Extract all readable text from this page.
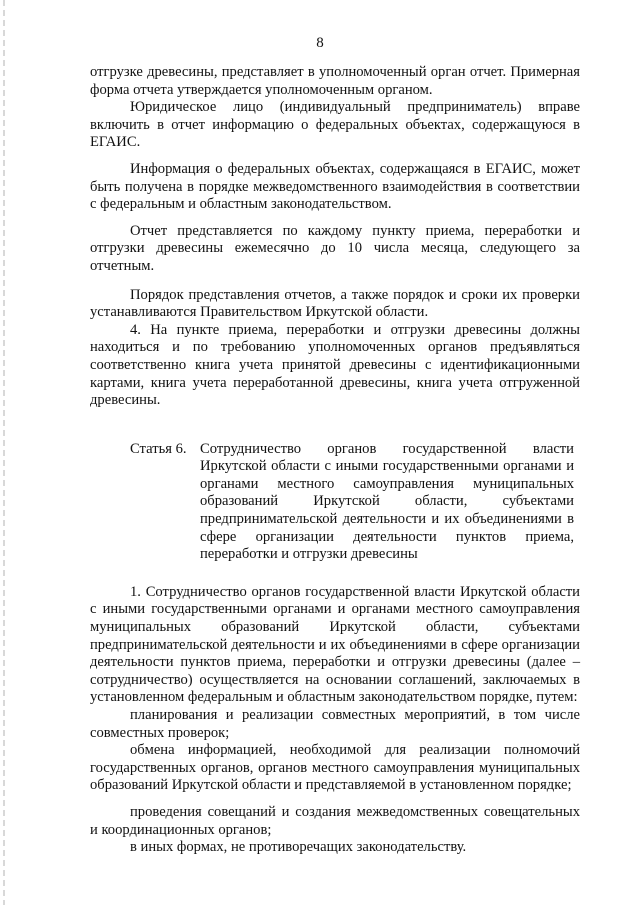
8

отгрузке древесины, представляет в уполномоченный орган отчет. Примерная форма отчета утверждается уполномоченным органом.

Юридическое лицо (индивидуальный предприниматель) вправе включить в отчет информацию о федеральных объектах, содержащуюся в ЕГАИС.

Информация о федеральных объектах, содержащаяся в ЕГАИС, может быть получена в порядке межведомственного взаимодействия в соответствии с федеральным и областным законодательством.

Отчет представляется по каждому пункту приема, переработки и отгрузки древесины ежемесячно до 10 числа месяца, следующего за отчетным.

Порядок представления отчетов, а также порядок и сроки их проверки устанавливаются Правительством Иркутской области.

4. На пункте приема, переработки и отгрузки древесины должны находиться и по требованию уполномоченных органов предъявляться соответственно книга учета принятой древесины с идентификационными картами, книга учета переработанной древесины, книга учета отгруженной древесины.

Статья 6. Сотрудничество органов государственной власти Иркутской области с иными государственными органами и органами местного самоуправления муниципальных образований Иркутской области, субъектами предпринимательской деятельности и их объединениями в сфере организации деятельности пунктов приема, переработки и отгрузки древесины

1. Сотрудничество органов государственной власти Иркутской области с иными государственными органами и органами местного самоуправления муниципальных образований Иркутской области, субъектами предпринимательской деятельности и их объединениями в сфере организации деятельности пунктов приема, переработки и отгрузки древесины (далее – сотрудничество) осуществляется на основании соглашений, заключаемых в установленном федеральным и областным законодательством порядке, путем:

планирования и реализации совместных мероприятий, в том числе совместных проверок;

обмена информацией, необходимой для реализации полномочий государственных органов, органов местного самоуправления муниципальных образований Иркутской области и представляемой в установленном порядке;

проведения совещаний и создания межведомственных совещательных и координационных органов;

в иных формах, не противоречащих законодательству.
